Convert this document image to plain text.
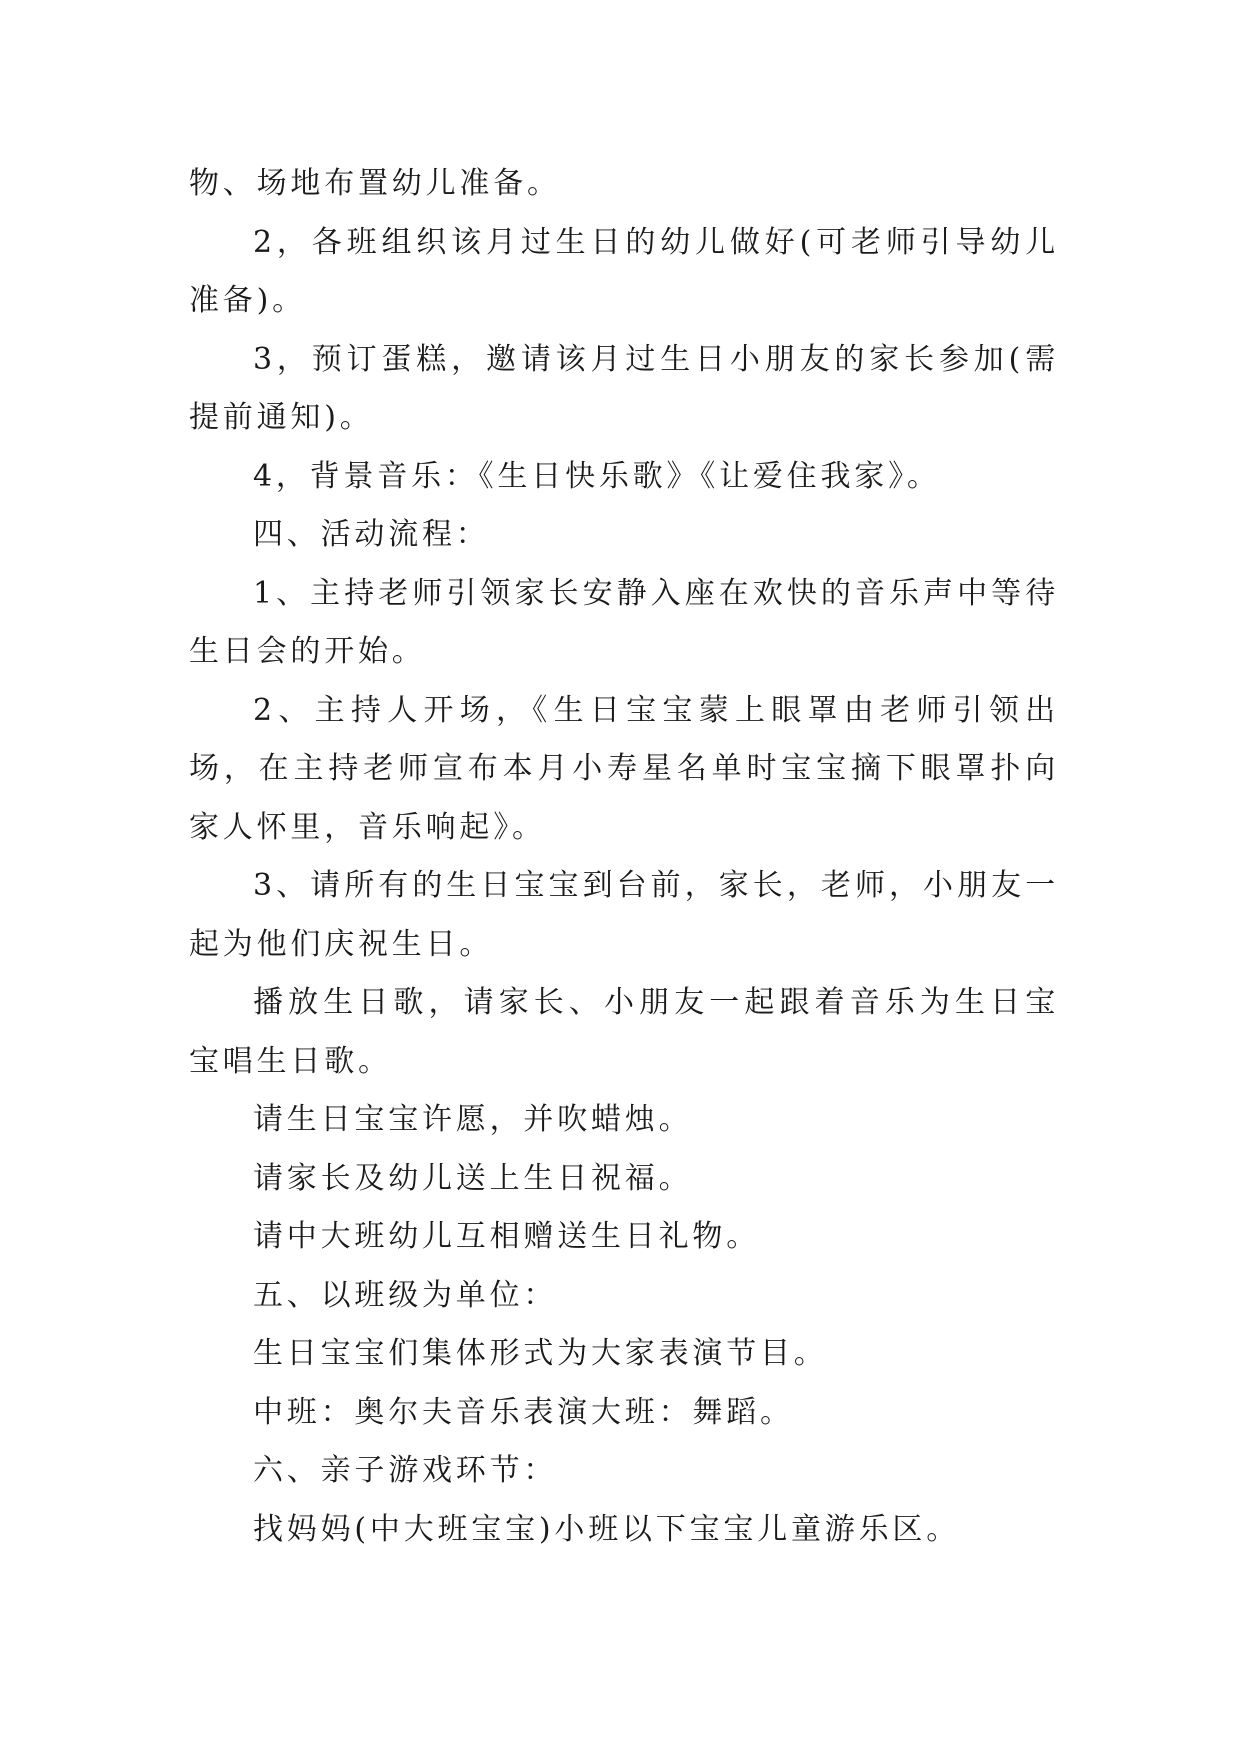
物、场地布置幼儿准备。

2，各班组织该月过生日的幼儿做好(可老师引导幼儿准备)。

3，预订蛋糕，邀请该月过生日小朋友的家长参加(需提前通知)。

4，背景音乐：《生日快乐歌》《让爱住我家》。

四、活动流程：

1、主持老师引领家长安静入座在欢快的音乐声中等待生日会的开始。

2、主持人开场，《生日宝宝蒙上眼罩由老师引领出场，在主持老师宣布本月小寿星名单时宝宝摘下眼罩扑向家人怀里，音乐响起》。

3、请所有的生日宝宝到台前，家长，老师，小朋友一起为他们庆祝生日。

播放生日歌，请家长、小朋友一起跟着音乐为生日宝宝唱生日歌。

请生日宝宝许愿，并吹蜡烛。

请家长及幼儿送上生日祝福。

请中大班幼儿互相赠送生日礼物。

五、以班级为单位：

生日宝宝们集体形式为大家表演节目。

中班：奥尔夫音乐表演大班：舞蹈。

六、亲子游戏环节：

找妈妈(中大班宝宝)小班以下宝宝儿童游乐区。
